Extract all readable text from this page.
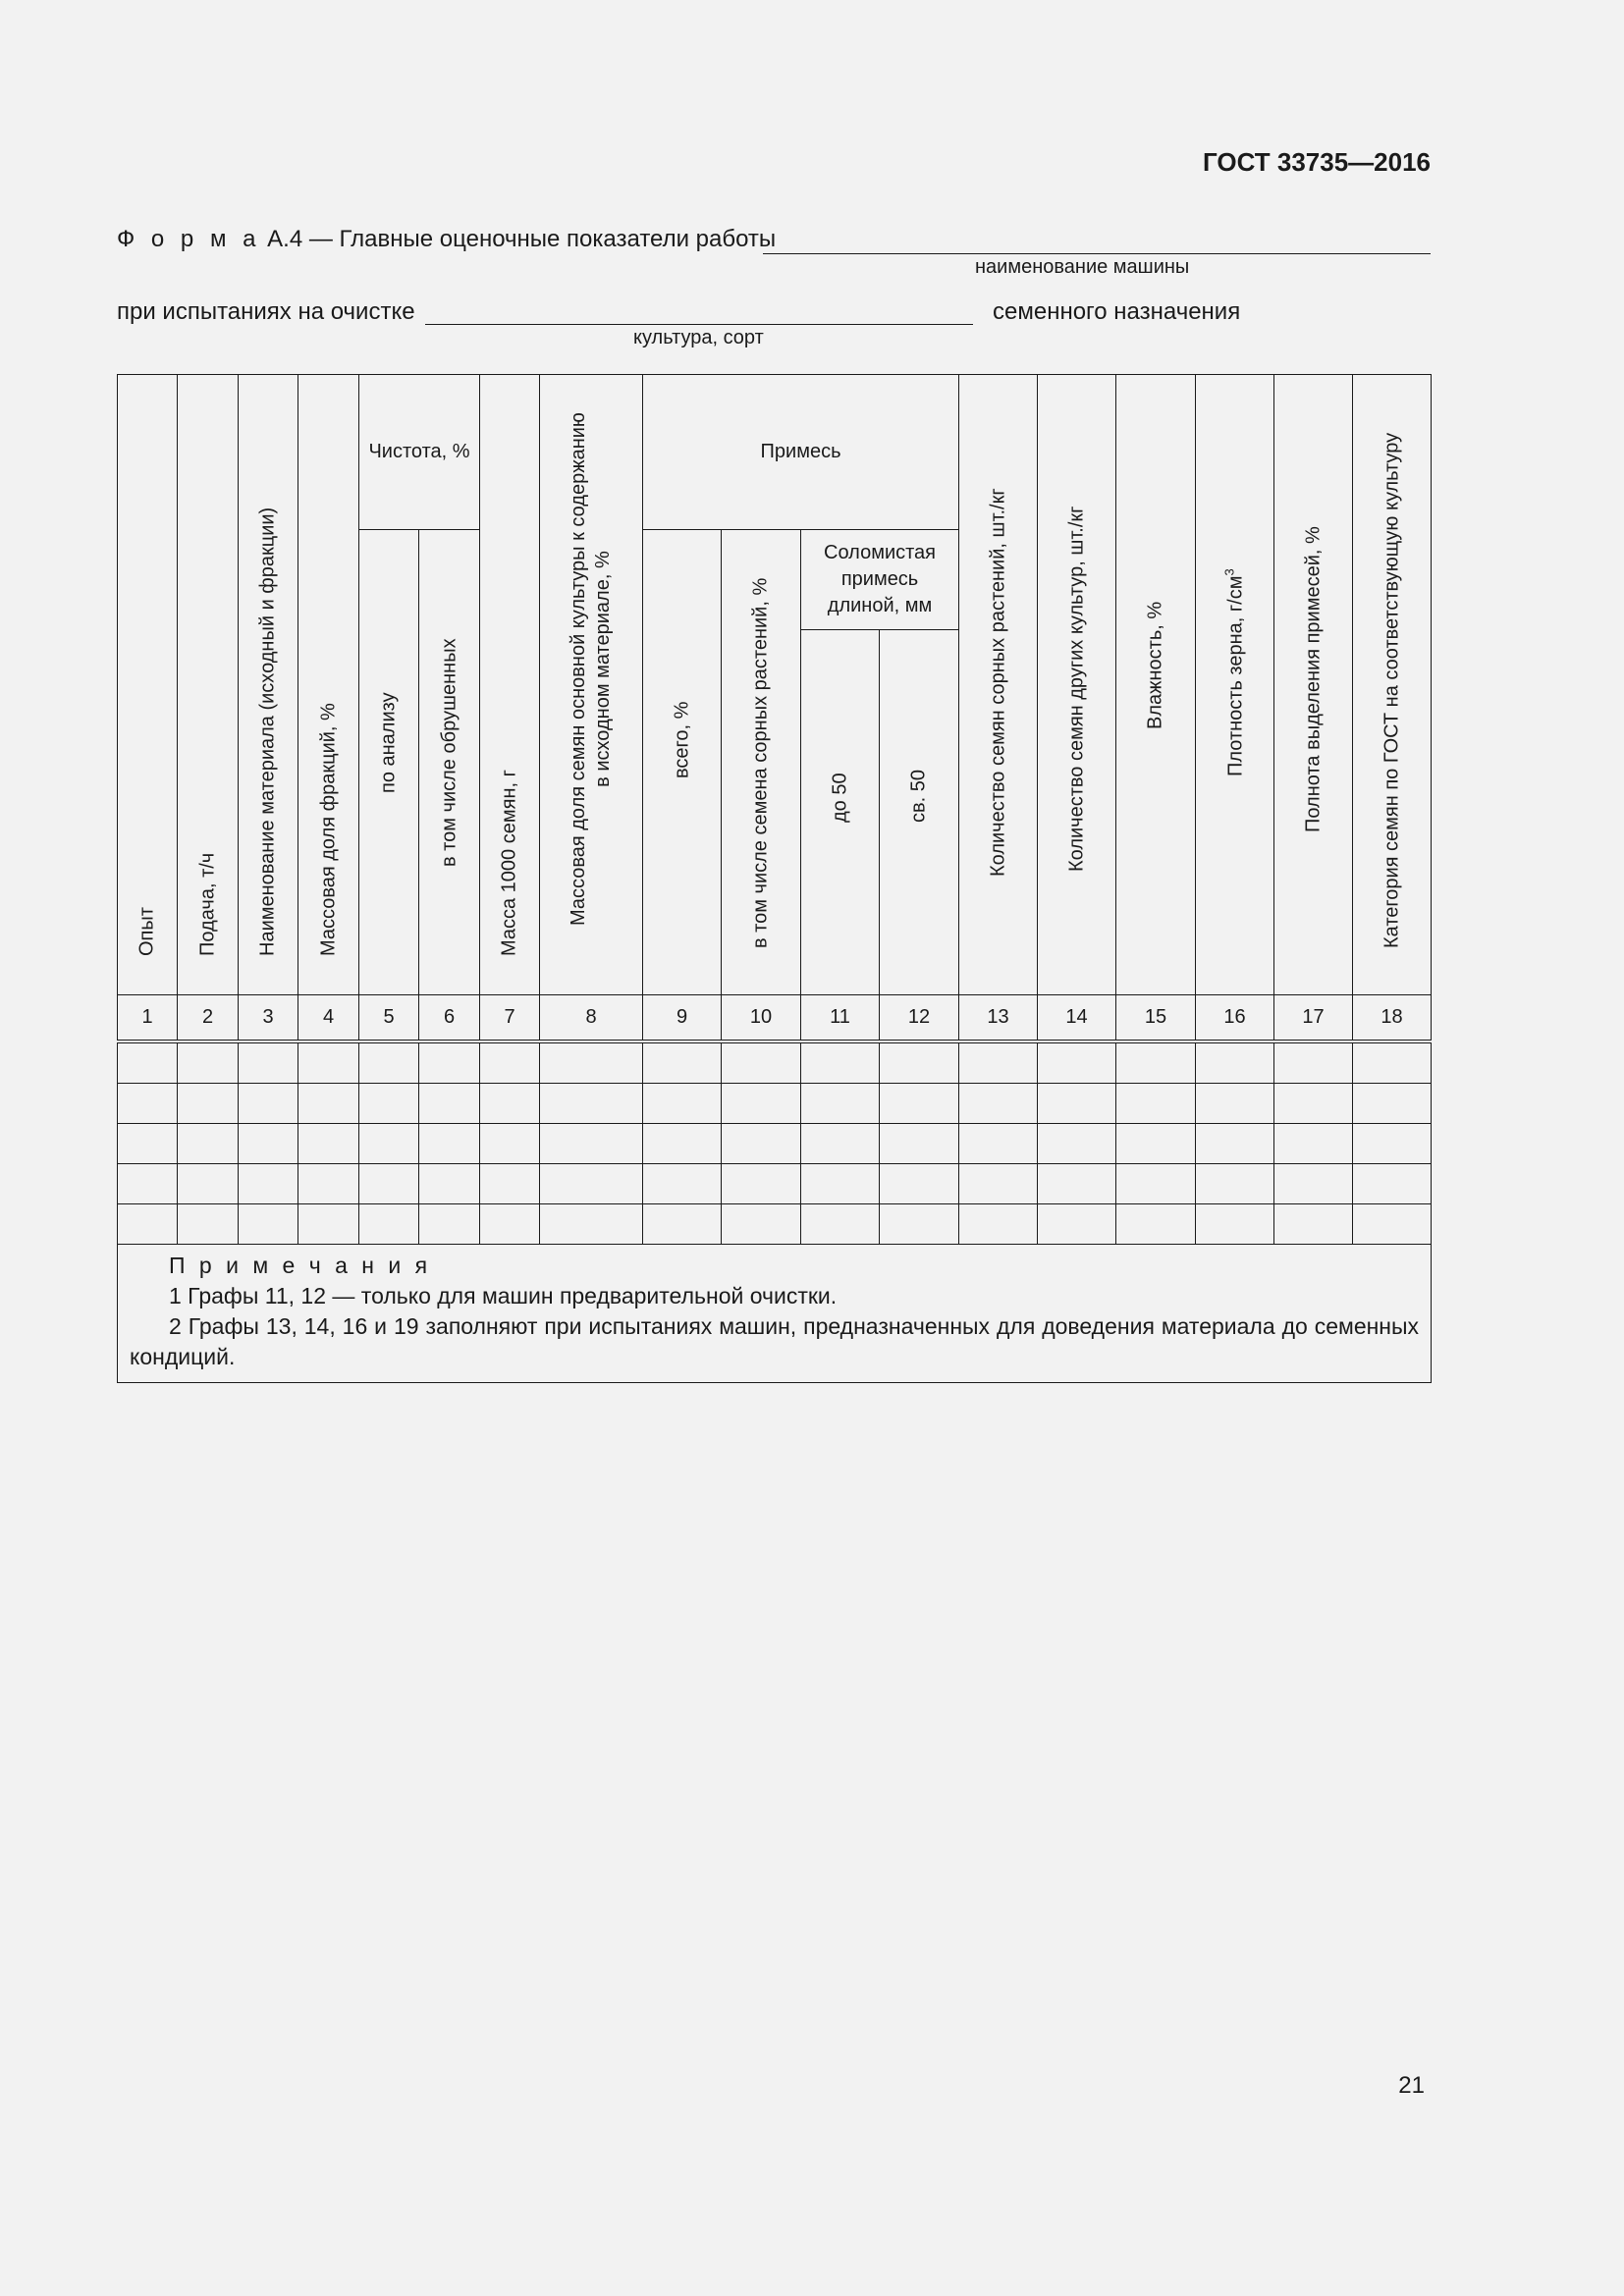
ГОСТ 33735—2016
Ф о р м а А.4 — Главные оценочные показатели работы
наименование машины
при испытаниях на очистке	семенного назначения
культура, сорт
Опыт	Подача, т/ч	Наименование материала (исходный и фракции)	Массовая доля фракций, %	Чистота, %		Масса 1000 семян, г	Массовая доля семян основной культуры к содержанию в исходном материале, %	Примесь				Количество семян сорных растений, шт./кг	Количество семян других культур, шт./кг	Влажность, %	Плотность зерна, $г/см^3$	Полнота выделения примесей, %	Категория семян по ГОСТ на соответствующую культуру

				по анализу	в том числе обрушенных			всего, %	в том числе семена сорных растений, %	Соломистая примесь длиной, мм							

										до 50	св. 50						

1	2	3	4	5	6	7	8	9	10	11	12	13	14	15	16	17	18

П р и м е ч а н и я

1 Графы 11, 12 — только для машин предварительной очистки.

2 Графы 13, 14, 16 и 19 заполняют при испытаниях машин, предназначенных для доведения материала до семенных кондиций.																	

21
